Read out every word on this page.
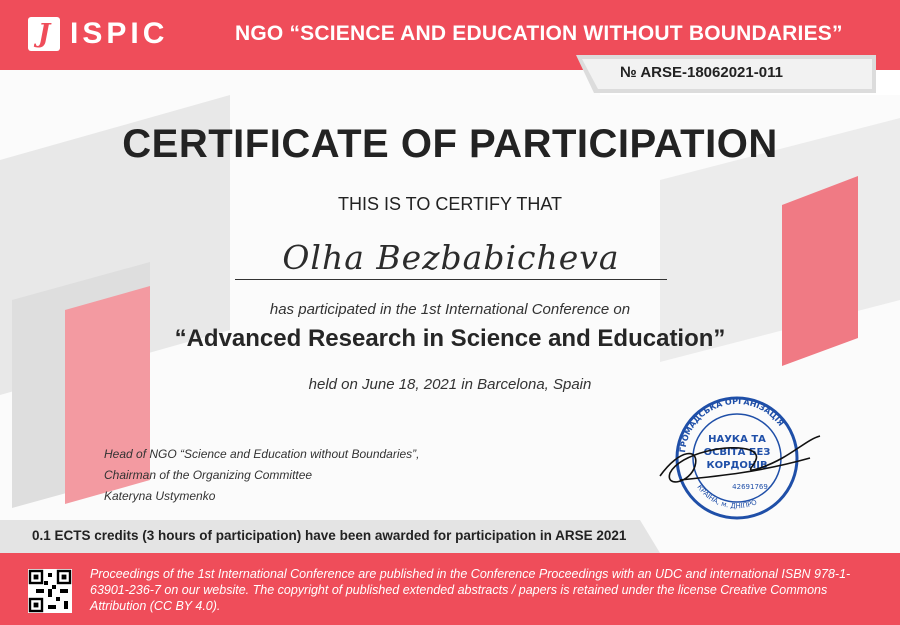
J ISPIC	NGO “SCIENCE AND EDUCATION WITHOUT BOUNDARIES”
№ ARSE-18062021-011
CERTIFICATE OF PARTICIPATION
THIS IS TO CERTIFY THAT
Olha Bezbabicheva
has participated in the 1st International Conference on
“Advanced Research in Science and Education”
held on June 18, 2021 in Barcelona, Spain
Head of NGO “Science and Education without Boundaries”,
Chairman of the Organizing Committee
Kateryna Ustymenko
ГРОМАДСЬКА ОРГАНІЗАЦІЯ
КРАЇНА, м. ДНІПРО
НАУКА ТА
ОСВІТА БЕЗ
КОРДОНІВ
42691769
0.1 ECTS credits (3 hours of participation) have been awarded for participation in ARSE 2021
Proceedings of the 1st International Conference are published in the Conference Proceedings with an UDC and international ISBN 978-1-63901-236-7 on our website. The copyright of published extended abstracts / papers is retained under the license Creative Commons Attribution (CC BY 4.0).
